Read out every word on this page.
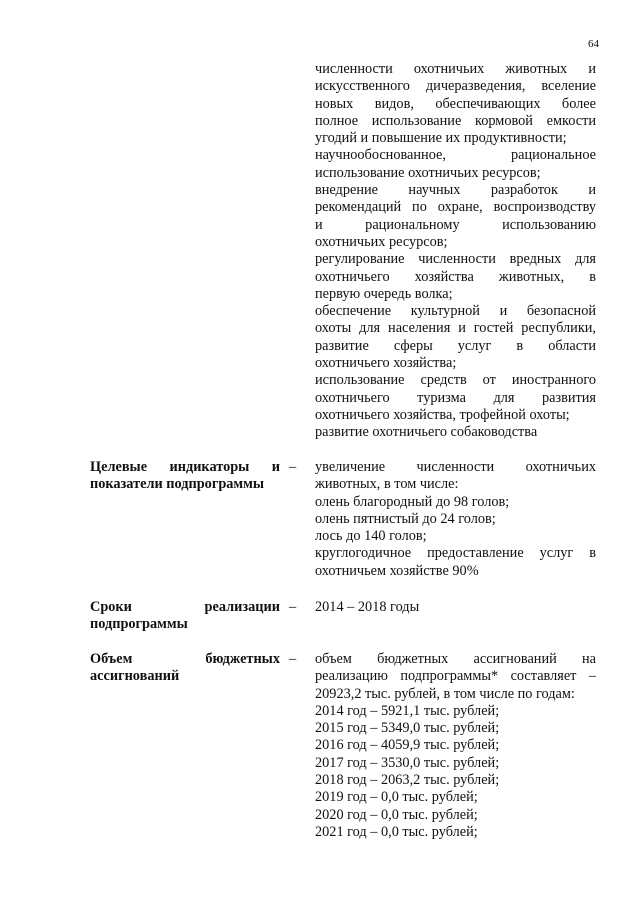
64
численности охотничьих животных и
искусственного дичеразведения, вселение
новых видов, обеспечивающих более
полное использование кормовой емкости
угодий и повышение их продуктивности;
научнообоснованное, рациональное
использование охотничьих ресурсов;
внедрение научных разработок и
рекомендаций по охране, воспроизводству
и рациональному использованию
охотничьих ресурсов;
регулирование численности вредных для
охотничьего хозяйства животных, в
первую очередь волка;
обеспечение культурной и безопасной
охоты для населения и гостей республики,
развитие сферы услуг в области
охотничьего хозяйства;
использование средств от иностранного
охотничьего туризма для развития
охотничьего хозяйства, трофейной охоты;
развитие охотничьего собаководства
Целевые индикаторы и
показатели подпрограммы
– увеличение численности охотничьих
животных, в том числе:
олень благородный до 98 голов;
олень пятнистый до 24 голов;
лось до 140 голов;
круглогодичное предоставление услуг в
охотничьем хозяйстве 90%
Сроки реализации
подпрограммы
– 2014 – 2018 годы
Объем бюджетных
ассигнований
– объем бюджетных ассигнований на
реализацию подпрограммы* составляет –
20923,2 тыс. рублей, в том числе по годам:
2014 год – 5921,1 тыс. рублей;
2015 год – 5349,0 тыс. рублей;
2016 год – 4059,9 тыс. рублей;
2017 год – 3530,0 тыс. рублей;
2018 год – 2063,2 тыс. рублей;
2019 год – 0,0 тыс. рублей;
2020 год – 0,0 тыс. рублей;
2021 год – 0,0 тыс. рублей;
